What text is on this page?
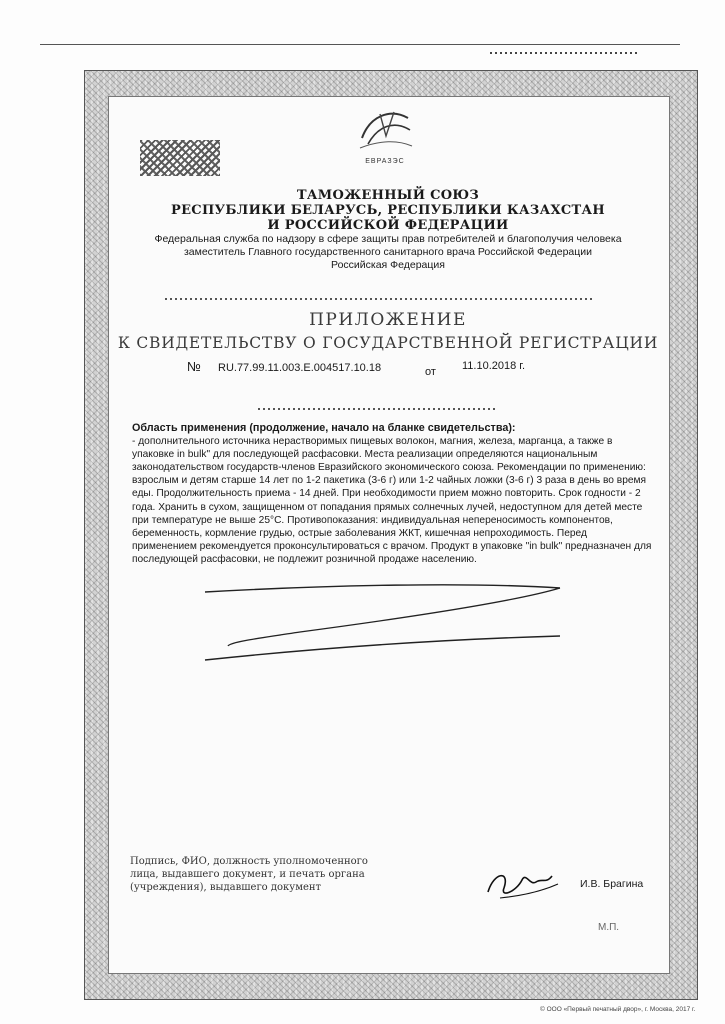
ЕВРАЗЭС
ТАМОЖЕННЫЙ СОЮЗ
РЕСПУБЛИКИ БЕЛАРУСЬ, РЕСПУБЛИКИ КАЗАХСТАН
И РОССИЙСКОЙ ФЕДЕРАЦИИ
Федеральная служба по надзору в сфере защиты прав потребителей и благополучия человека
заместитель Главного государственного санитарного врача Российской Федерации
Российская Федерация
ПРИЛОЖЕНИЕ
К СВИДЕТЕЛЬСТВУ О ГОСУДАРСТВЕННОЙ РЕГИСТРАЦИИ
№ RU.77.99.11.003.E.004517.10.18	от 11.10.2018 г.
Область применения (продолжение, начало на бланке свидетельства):
- дополнительного источника нерастворимых пищевых волокон, магния, железа, марганца, а также в упаковке in bulk" для последующей расфасовки. Места реализации определяются национальным законодательством государств-членов Евразийского экономического союза. Рекомендации по применению: взрослым и детям старше 14 лет по 1-2 пакетика (3-6 г) или 1-2 чайных ложки (3-6 г) 3 раза в день во время еды. Продолжительность приема - 14 дней. При необходимости прием можно повторить. Срок годности - 2 года. Хранить в сухом, защищенном от попадания прямых солнечных лучей, недоступном для детей месте при температуре не выше 25°С. Противопоказания: индивидуальная непереносимость компонентов, беременность, кормление грудью, острые заболевания ЖКТ, кишечная непроходимость. Перед применением рекомендуется проконсультироваться с врачом. Продукт в упаковке "in bulk" предназначен для последующей расфасовки, не подлежит розничной продаже населению.
Подпись, ФИО, должность уполномоченного
лица, выдавшего документ, и печать органа
(учреждения), выдавшего документ	И.В. Брагина
М.П.
© ООО «Первый печатный двор», г. Москва, 2017 г.
